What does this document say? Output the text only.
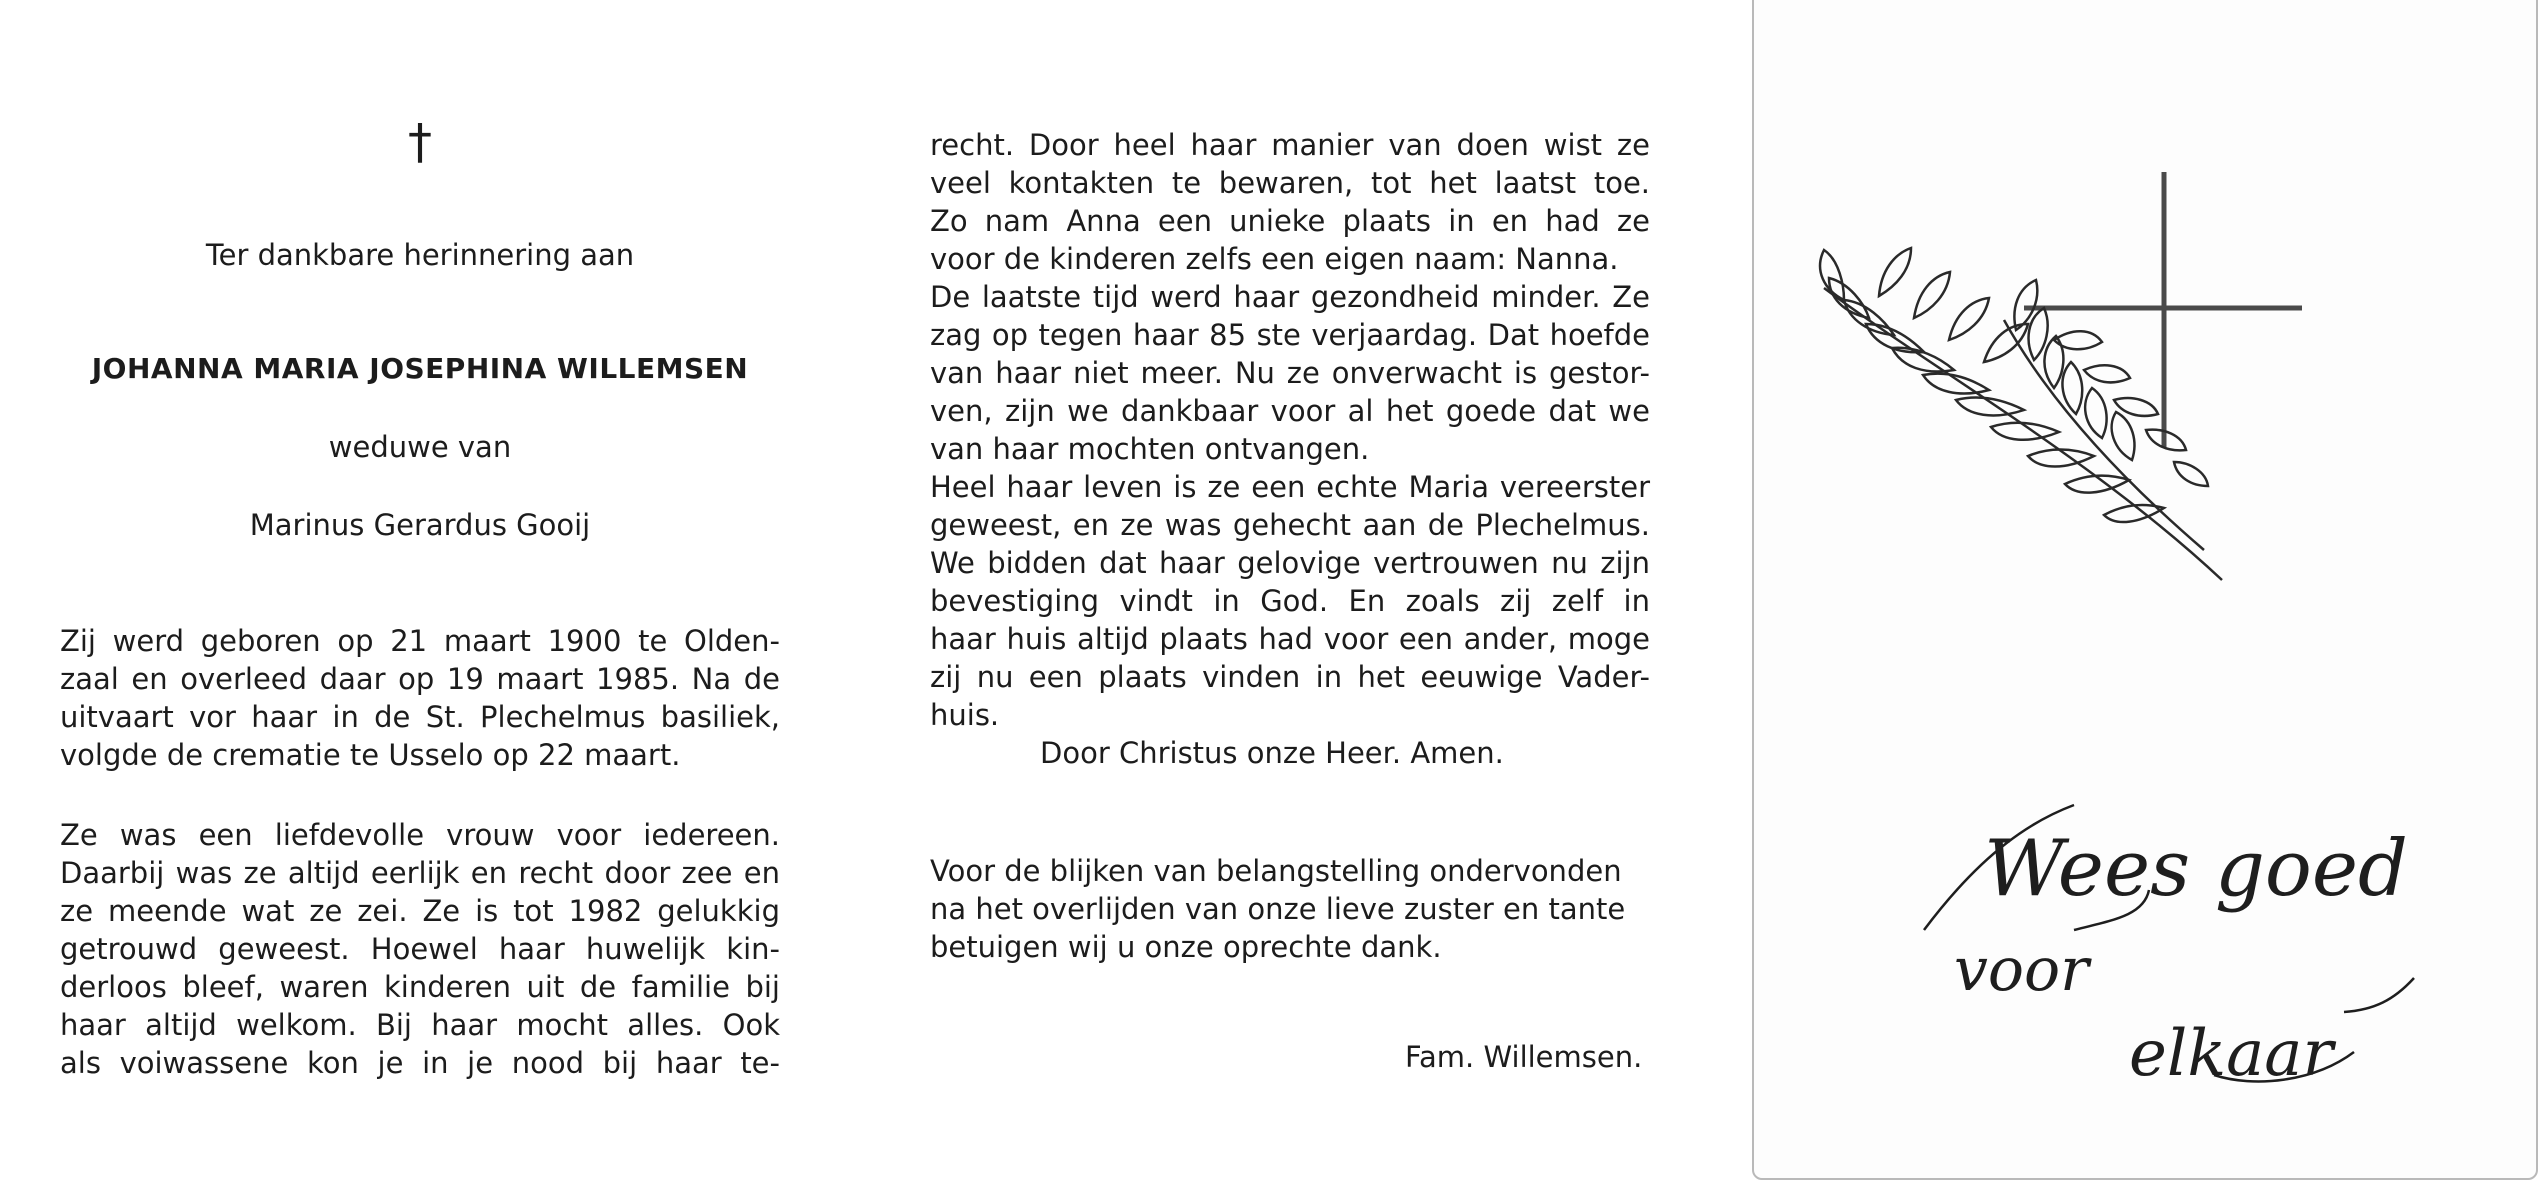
†
Ter dankbare herinnering aan
JOHANNA MARIA JOSEPHINA WILLEMSEN
weduwe van
Marinus Gerardus Gooij

Zij werd geboren op 21 maart 1900 te Olden-

zaal en overleed daar op 19 maart 1985. Na de

uitvaart vor haar in de St. Plechelmus basiliek,

volgde de crematie te Usselo op 22 maart.

Ze was een liefdevolle vrouw voor iedereen.

Daarbij was ze altijd eerlijk en recht door zee en

ze meende wat ze zei. Ze is tot 1982 gelukkig

getrouwd geweest. Hoewel haar huwelijk kin-

derloos bleef, waren kinderen uit de familie bij

haar altijd welkom. Bij haar mocht alles. Ook

als voiwassene kon je in je nood bij haar te-

recht. Door heel haar manier van doen wist ze

veel kontakten te bewaren, tot het laatst toe.

Zo nam Anna een unieke plaats in en had ze

voor de kinderen zelfs een eigen naam: Nanna.

De laatste tijd werd haar gezondheid minder. Ze

zag op tegen haar 85 ste verjaardag. Dat hoefde

van haar niet meer. Nu ze onverwacht is gestor-

ven, zijn we dankbaar voor al het goede dat we

van haar mochten ontvangen.

Heel haar leven is ze een echte Maria vereerster

geweest, en ze was gehecht aan de Plechelmus.

We bidden dat haar gelovige vertrouwen nu zijn

bevestiging vindt in God. En zoals zij zelf in

haar huis altijd plaats had voor een ander, moge

zij nu een plaats vinden in het eeuwige Vader-

huis.

Door Christus onze Heer. Amen.

Voor de blijken van belangstelling ondervonden
na het overlijden van onze lieve zuster en tante
betuigen wij u onze oprechte dank.
Fam. Willemsen.
Wees goed
voor
elkaar
